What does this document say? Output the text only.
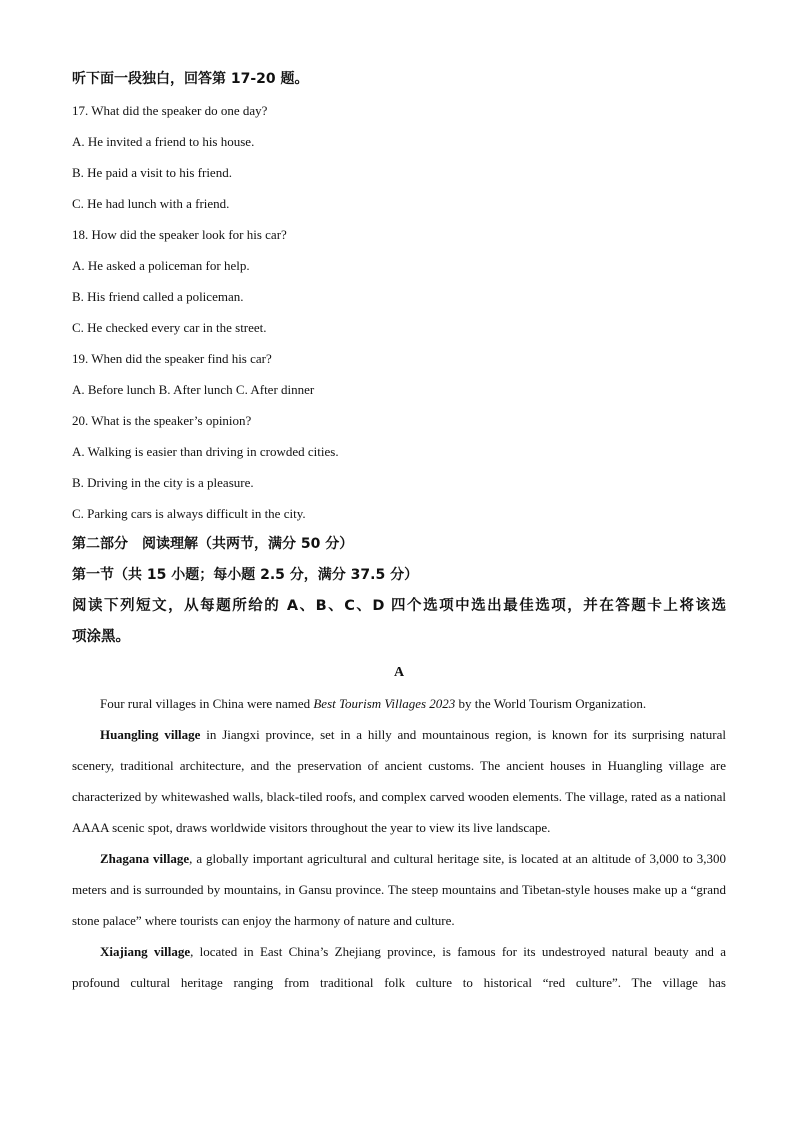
听下面一段独白，回答第 17-20 题。
17. What did the speaker do one day?
A. He invited a friend to his house.
B. He paid a visit to his friend.
C. He had lunch with a friend.
18. How did the speaker look for his car?
A. He asked a policeman for help.
B. His friend called a policeman.
C. He checked every car in the street.
19. When did the speaker find his car?
A. Before lunch B. After lunch C. After dinner
20. What is the speaker’s opinion?
A. Walking is easier than driving in crowded cities.
B. Driving in the city is a pleasure.
C. Parking cars is always difficult in the city.
第二部分　阅读理解（共两节，满分 50 分）
第一节（共 15 小题；每小题 2.5 分，满分 37.5 分）
阅读下列短文，从每题所给的 A、B、C、D 四个选项中选出最佳选项，并在答题卡上将该选
项涂黑。
A

Four rural villages in China were named Best Tourism Villages 2023 by the World Tourism Organization.

Huangling village in Jiangxi province, set in a hilly and mountainous region, is known for its surprising natural scenery, traditional architecture, and the preservation of ancient customs. The ancient houses in Huangling village are characterized by whitewashed walls, black-tiled roofs, and complex carved wooden elements. The village, rated as a national AAAA scenic spot, draws worldwide visitors throughout the year to view its live landscape.

Zhagana village, a globally important agricultural and cultural heritage site, is located at an altitude of 3,000 to 3,300 meters and is surrounded by mountains, in Gansu province. The steep mountains and Tibetan-style houses make up a “grand stone palace” where tourists can enjoy the harmony of nature and culture.

Xiajiang village, located in East China’s Zhejiang province, is famous for its undestroyed natural beauty and a profound cultural heritage ranging from traditional folk culture to historical “red culture”. The village has
